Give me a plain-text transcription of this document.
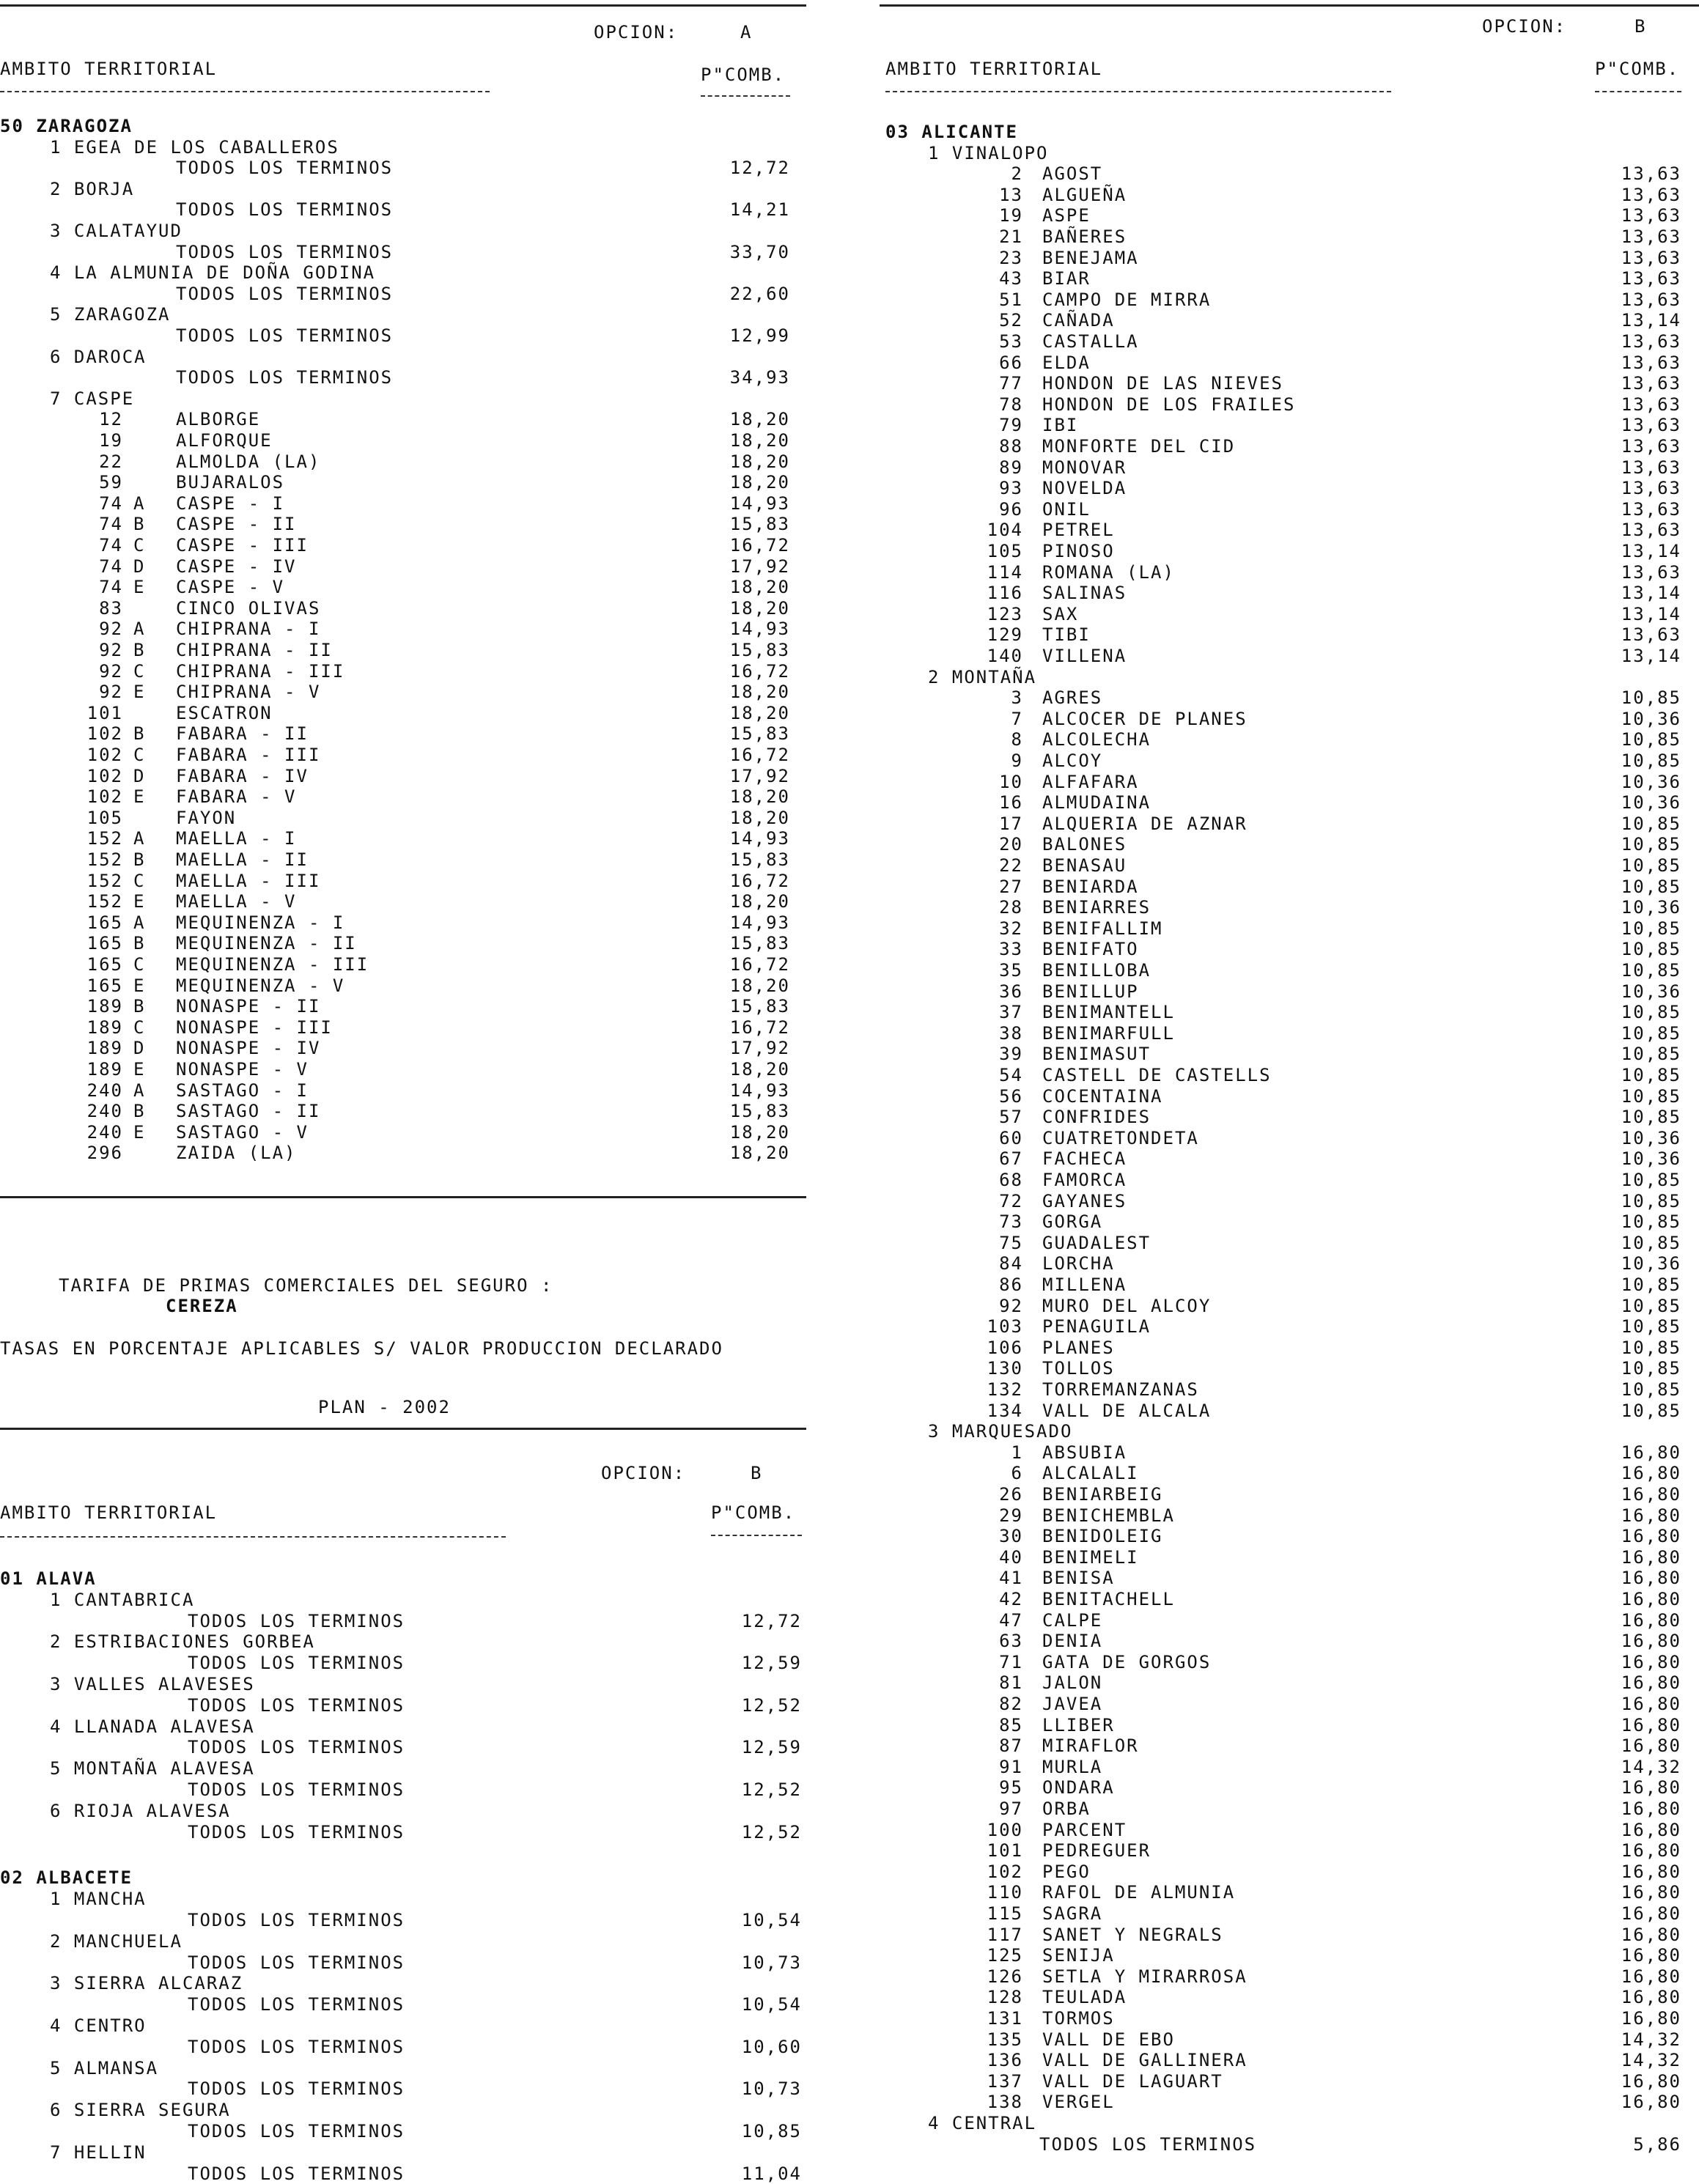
OPCION:	A
AMBITO TERRITORIAL	P"COMB.
50 ZARAGOZA
1 EGEA DE LOS CABALLEROS
TODOS LOS TERMINOS	12,72
2 BORJA
TODOS LOS TERMINOS	14,21
3 CALATAYUD
TODOS LOS TERMINOS	33,70
4 LA ALMUNIA DE DOÑA GODINA
TODOS LOS TERMINOS	22,60
5 ZARAGOZA
TODOS LOS TERMINOS	12,99
6 DAROCA
TODOS LOS TERMINOS	34,93
7 CASPE
12	ALBORGE	18,20
19	ALFORQUE	18,20
22	ALMOLDA (LA)	18,20
59	BUJARALOS	18,20
74 A CASPE - I	14,93
74 B CASPE - II	15,83
74 C CASPE - III	16,72
74 D CASPE - IV	17,92
74 E CASPE - V	18,20
83	CINCO OLIVAS	18,20
92 A CHIPRANA - I	14,93
92 B CHIPRANA - II	15,83
92 C CHIPRANA - III	16,72
92 E CHIPRANA - V	18,20
101	ESCATRON	18,20
102 B FABARA - II	15,83
102 C FABARA - III	16,72
102 D FABARA - IV	17,92
102 E FABARA - V	18,20
105	FAYON	18,20
152 A MAELLA - I	14,93
152 B MAELLA - II	15,83
152 C MAELLA - III	16,72
152 E MAELLA - V	18,20
165 A MEQUINENZA - I	14,93
165 B MEQUINENZA - II	15,83
165 C MEQUINENZA - III	16,72
165 E MEQUINENZA - V	18,20
189 B NONASPE - II	15,83
189 C NONASPE - III	16,72
189 D NONASPE - IV	17,92
189 E NONASPE - V	18,20
240 A SASTAGO - I	14,93
240 B SASTAGO - II	15,83
240 E SASTAGO - V	18,20
296	ZAIDA (LA)	18,20
TARIFA DE PRIMAS COMERCIALES DEL SEGURO :
CEREZA
TASAS EN PORCENTAJE APLICABLES S/ VALOR PRODUCCION DECLARADO
PLAN - 2002
OPCION:	B
AMBITO TERRITORIAL	P"COMB.
01 ALAVA
1 CANTABRICA
TODOS LOS TERMINOS	12,72
2 ESTRIBACIONES GORBEA
TODOS LOS TERMINOS	12,59
3 VALLES ALAVESES
TODOS LOS TERMINOS	12,52
4 LLANADA ALAVESA
TODOS LOS TERMINOS	12,59
5 MONTAÑA ALAVESA
TODOS LOS TERMINOS	12,52
6 RIOJA ALAVESA
TODOS LOS TERMINOS	12,52
02 ALBACETE
1 MANCHA
TODOS LOS TERMINOS	10,54
2 MANCHUELA
TODOS LOS TERMINOS	10,73
3 SIERRA ALCARAZ
TODOS LOS TERMINOS	10,54
4 CENTRO
TODOS LOS TERMINOS	10,60
5 ALMANSA
TODOS LOS TERMINOS	10,73
6 SIERRA SEGURA
TODOS LOS TERMINOS	10,85
7 HELLIN
TODOS LOS TERMINOS	11,04
OPCION:	B
AMBITO TERRITORIAL	P"COMB.
03 ALICANTE
1 VINALOPO
2 AGOST	13,63
13 ALGUEÑA	13,63
19 ASPE	13,63
21 BAÑERES	13,63
23 BENEJAMA	13,63
43 BIAR	13,63
51 CAMPO DE MIRRA	13,63
52 CAÑADA	13,14
53 CASTALLA	13,63
66 ELDA	13,63
77 HONDON DE LAS NIEVES	13,63
78 HONDON DE LOS FRAILES	13,63
79 IBI	13,63
88 MONFORTE DEL CID	13,63
89 MONOVAR	13,63
93 NOVELDA	13,63
96 ONIL	13,63
104 PETREL	13,63
105 PINOSO	13,14
114 ROMANA (LA)	13,63
116 SALINAS	13,14
123 SAX	13,14
129 TIBI	13,63
140 VILLENA	13,14
2 MONTAÑA
3 AGRES	10,85
7 ALCOCER DE PLANES	10,36
8 ALCOLECHA	10,85
9 ALCOY	10,85
10 ALFAFARA	10,36
16 ALMUDAINA	10,36
17 ALQUERIA DE AZNAR	10,85
20 BALONES	10,85
22 BENASAU	10,85
27 BENIARDA	10,85
28 BENIARRES	10,36
32 BENIFALLIM	10,85
33 BENIFATO	10,85
35 BENILLOBA	10,85
36 BENILLUP	10,36
37 BENIMANTELL	10,85
38 BENIMARFULL	10,85
39 BENIMASUT	10,85
54 CASTELL DE CASTELLS	10,85
56 COCENTAINA	10,85
57 CONFRIDES	10,85
60 CUATRETONDETA	10,36
67 FACHECA	10,36
68 FAMORCA	10,85
72 GAYANES	10,85
73 GORGA	10,85
75 GUADALEST	10,85
84 LORCHA	10,36
86 MILLENA	10,85
92 MURO DEL ALCOY	10,85
103 PENAGUILA	10,85
106 PLANES	10,85
130 TOLLOS	10,85
132 TORREMANZANAS	10,85
134 VALL DE ALCALA	10,85
3 MARQUESADO
1 ABSUBIA	16,80
6 ALCALALI	16,80
26 BENIARBEIG	16,80
29 BENICHEMBLA	16,80
30 BENIDOLEIG	16,80
40 BENIMELI	16,80
41 BENISA	16,80
42 BENITACHELL	16,80
47 CALPE	16,80
63 DENIA	16,80
71 GATA DE GORGOS	16,80
81 JALON	16,80
82 JAVEA	16,80
85 LLIBER	16,80
87 MIRAFLOR	16,80
91 MURLA	14,32
95 ONDARA	16,80
97 ORBA	16,80
100 PARCENT	16,80
101 PEDREGUER	16,80
102 PEGO	16,80
110 RAFOL DE ALMUNIA	16,80
115 SAGRA	16,80
117 SANET Y NEGRALS	16,80
125 SENIJA	16,80
126 SETLA Y MIRARROSA	16,80
128 TEULADA	16,80
131 TORMOS	16,80
135 VALL DE EBO	14,32
136 VALL DE GALLINERA	14,32
137 VALL DE LAGUART	16,80
138 VERGEL	16,80
4 CENTRAL
TODOS LOS TERMINOS	5,86
